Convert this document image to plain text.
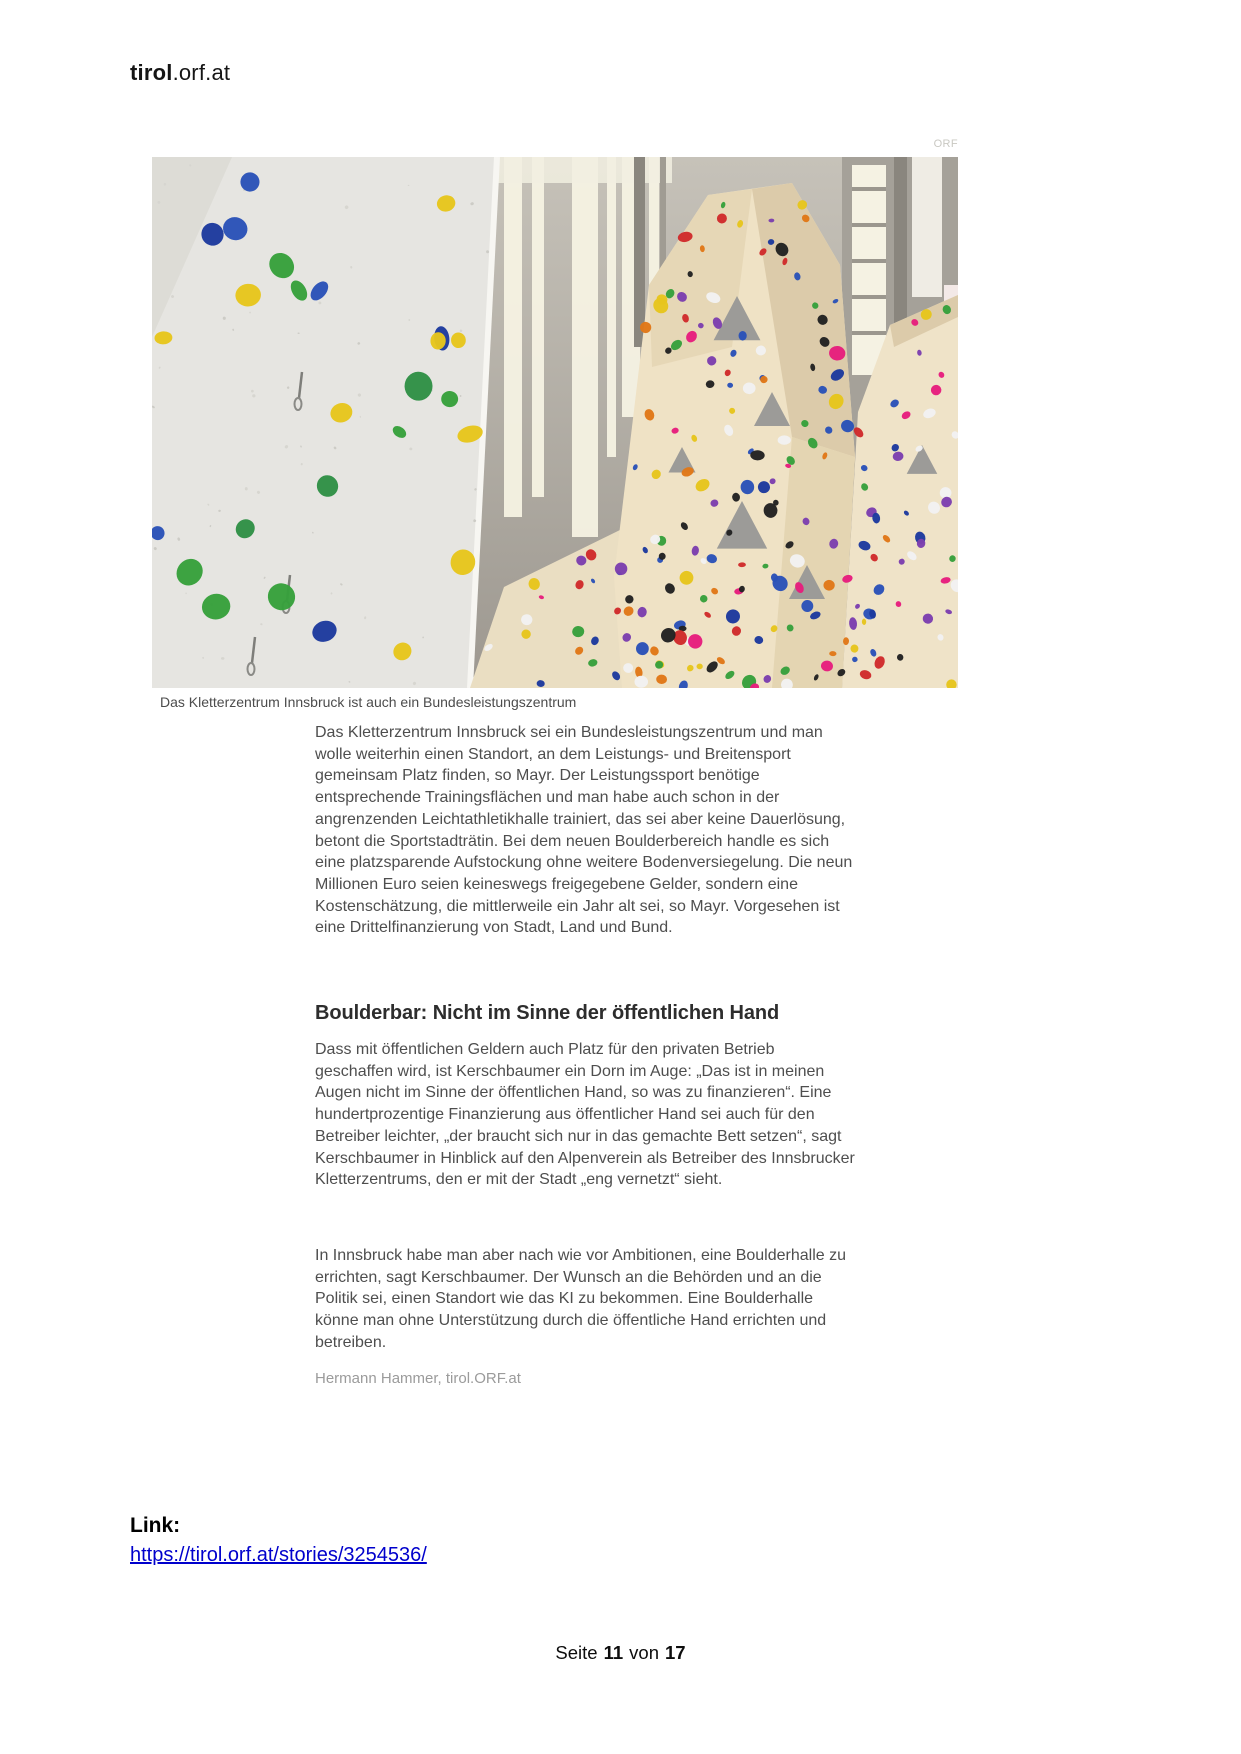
tirol.orf.at
ORF
Das Kletterzentrum Innsbruck ist auch ein Bundesleistungszentrum
Das Kletterzentrum Innsbruck sei ein Bundesleistungszentrum und man wolle weiterhin einen Standort, an dem Leistungs- und Breitensport gemeinsam Platz finden, so Mayr. Der Leistungssport benötige entsprechende Trainingsflächen und man habe auch schon in der angrenzenden Leichtathletikhalle trainiert, das sei aber keine Dauerlösung, betont die Sportstadträtin. Bei dem neuen Boulderbereich handle es sich eine platzsparende Aufstockung ohne weitere Bodenversiegelung. Die neun Millionen Euro seien keineswegs freigegebene Gelder, sondern eine Kostenschätzung, die mittlerweile ein Jahr alt sei, so Mayr. Vorgesehen ist eine Drittelfinanzierung von Stadt, Land und Bund.
Boulderbar: Nicht im Sinne der öffentlichen Hand
Dass mit öffentlichen Geldern auch Platz für den privaten Betrieb geschaffen wird, ist Kerschbaumer ein Dorn im Auge: „Das ist in meinen Augen nicht im Sinne der öffentlichen Hand, so was zu finanzieren“. Eine hundertprozentige Finanzierung aus öffentlicher Hand sei auch für den Betreiber leichter, „der braucht sich nur in das gemachte Bett setzen“, sagt Kerschbaumer in Hinblick auf den Alpenverein als Betreiber des Innsbrucker Kletterzentrums, den er mit der Stadt „eng vernetzt“ sieht.
In Innsbruck habe man aber nach wie vor Ambitionen, eine Boulderhalle zu errichten, sagt Kerschbaumer. Der Wunsch an die Behörden und an die Politik sei, einen Standort wie das KI zu bekommen. Eine Boulderhalle könne man ohne Unterstützung durch die öffentliche Hand errichten und betreiben.
Hermann Hammer, tirol.ORF.at
Link:
https://tirol.orf.at/stories/3254536/
Seite 11 von 17
